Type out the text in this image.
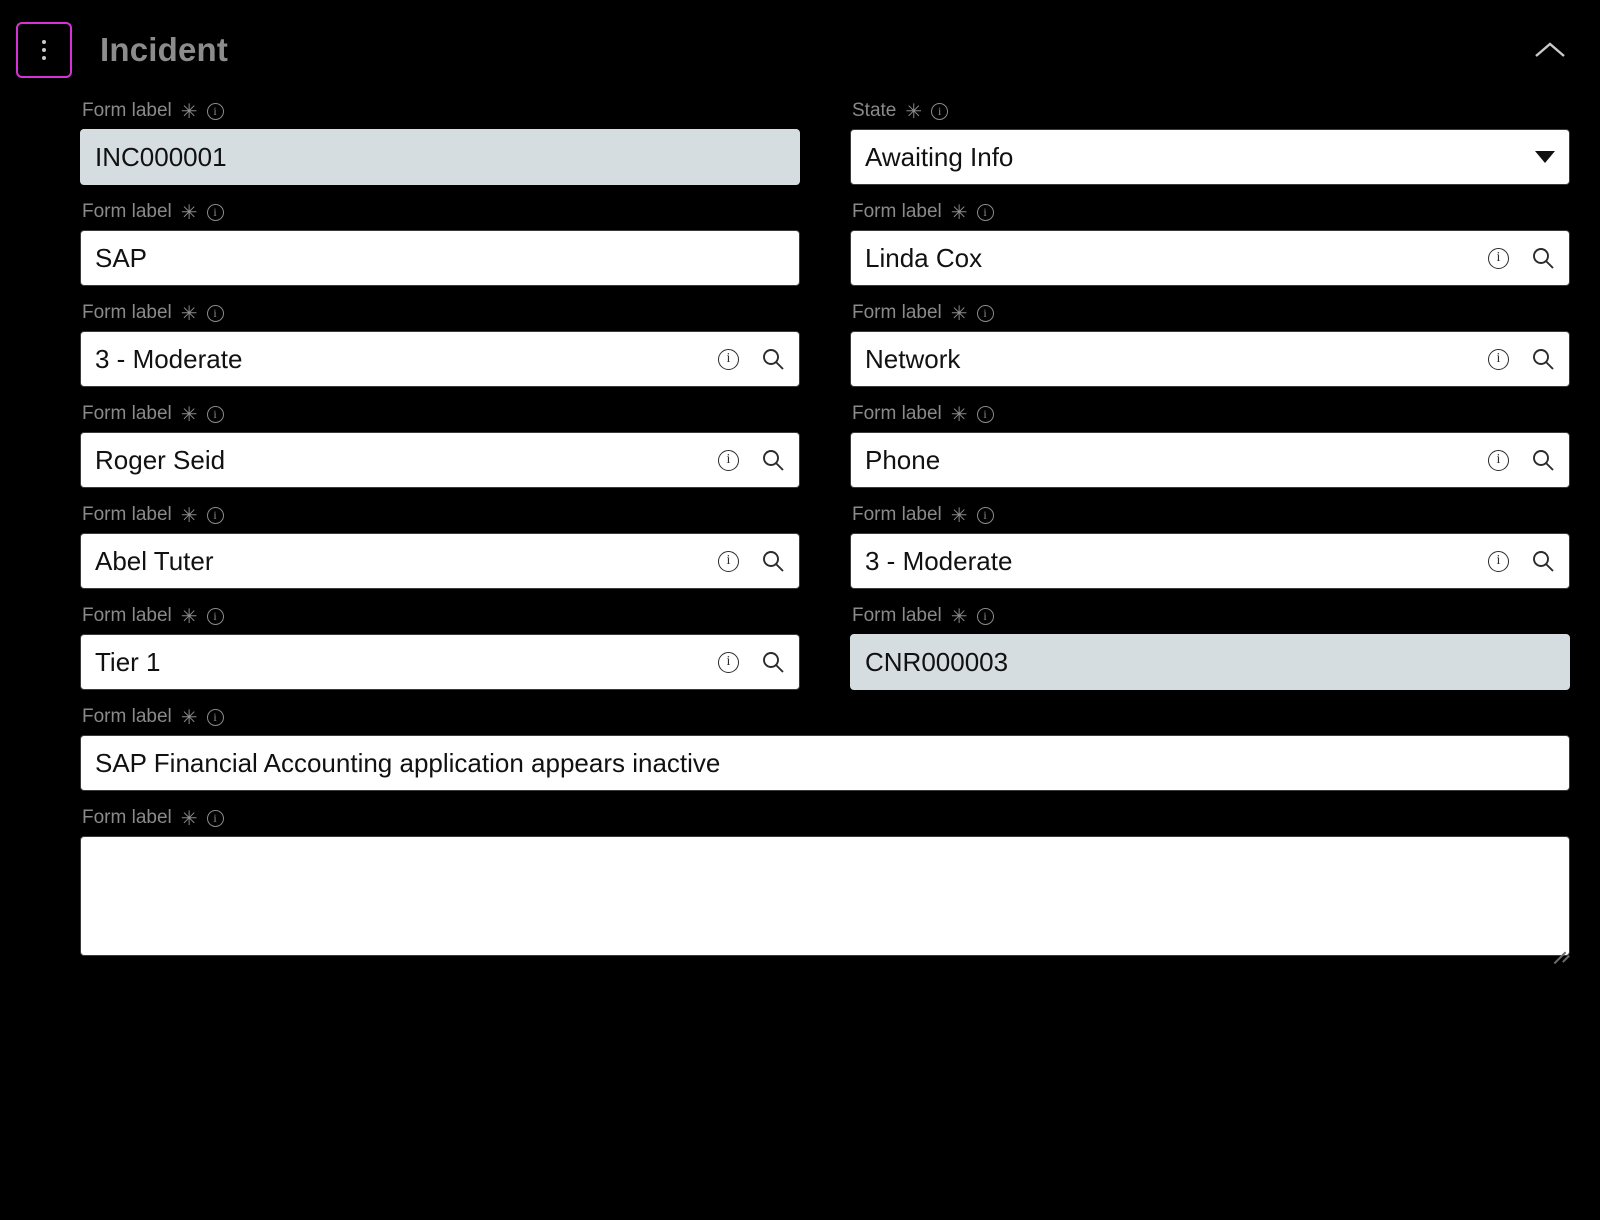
Incident
Form label ✳	i
INC000001
State ✳	i
Awaiting Info
Form label ✳	i
SAP
Form label ✳	i
Linda Cox	i
Form label ✳	i
3 - Moderate	i
Form label ✳	i
Network	i
Form label ✳	i
Roger Seid	i
Form label ✳	i
Phone	i
Form label ✳	i
Abel Tuter	i
Form label ✳	i
3 - Moderate	i
Form label ✳	i
Tier 1	i
Form label ✳	i
CNR000003
Form label ✳	i
SAP Financial Accounting application appears inactive
Form label ✳	i
